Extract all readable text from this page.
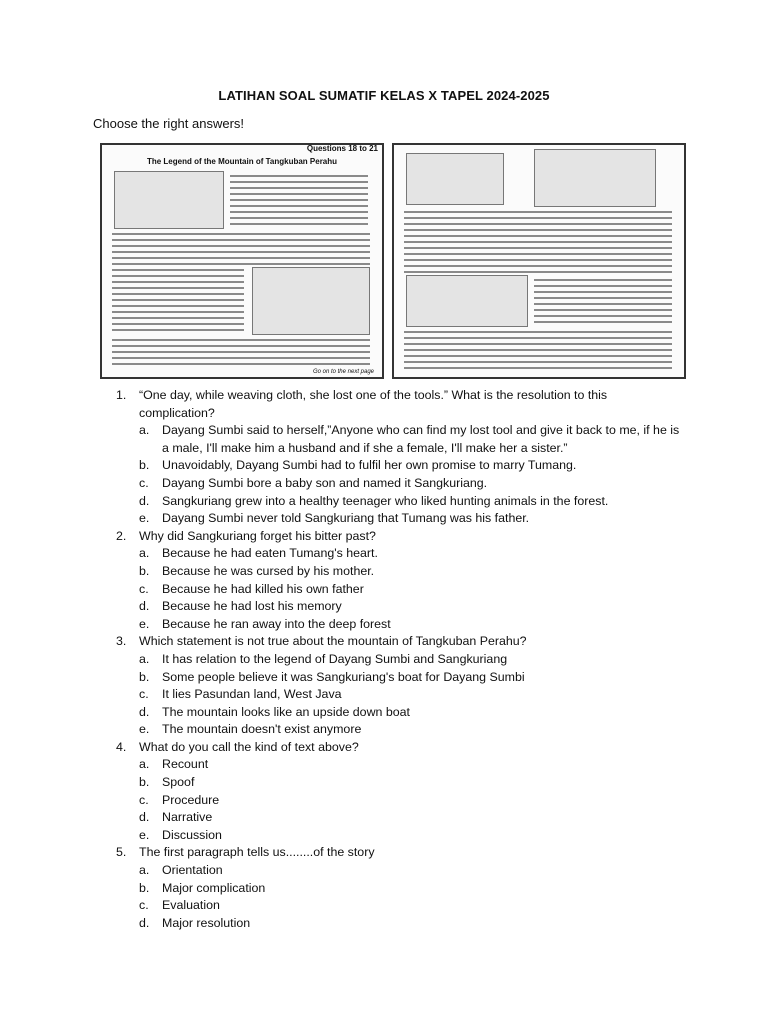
LATIHAN SOAL SUMATIF KELAS X TAPEL 2024-2025
Choose the right answers!
Questions 18 to 21
The Legend of the Mountain of Tangkuban Perahu
Go on to the next page
1. “One day, while weaving cloth, she lost one of the tools.” What is the resolution to this complication?
a. Dayang Sumbi said to herself,”Anyone who can find my lost tool and give it back to me, if he is a male, I'll make him a husband and if she a female, I'll make her a sister.”
b. Unavoidably, Dayang Sumbi had to fulfil her own promise to marry Tumang.
c. Dayang Sumbi bore a baby son and named it Sangkuriang.
d. Sangkuriang grew into a healthy teenager who liked hunting animals in the forest.
e. Dayang Sumbi never told Sangkuriang that Tumang was his father.
2. Why did Sangkuriang forget his bitter past?
a. Because he had eaten Tumang's heart.
b. Because he was cursed by his mother.
c. Because he had killed his own father
d. Because he had lost his memory
e. Because he ran away into the deep forest
3. Which statement is not true about the mountain of Tangkuban Perahu?
a. It has relation to the legend of Dayang Sumbi and Sangkuriang
b. Some people believe it was Sangkuriang's boat for Dayang Sumbi
c. It lies Pasundan land, West Java
d. The mountain looks like an upside down boat
e. The mountain doesn't exist anymore
4. What do you call the kind of text above?
a. Recount
b. Spoof
c. Procedure
d. Narrative
e. Discussion
5. The first paragraph tells us........of the story
a. Orientation
b. Major complication
c. Evaluation
d. Major resolution
